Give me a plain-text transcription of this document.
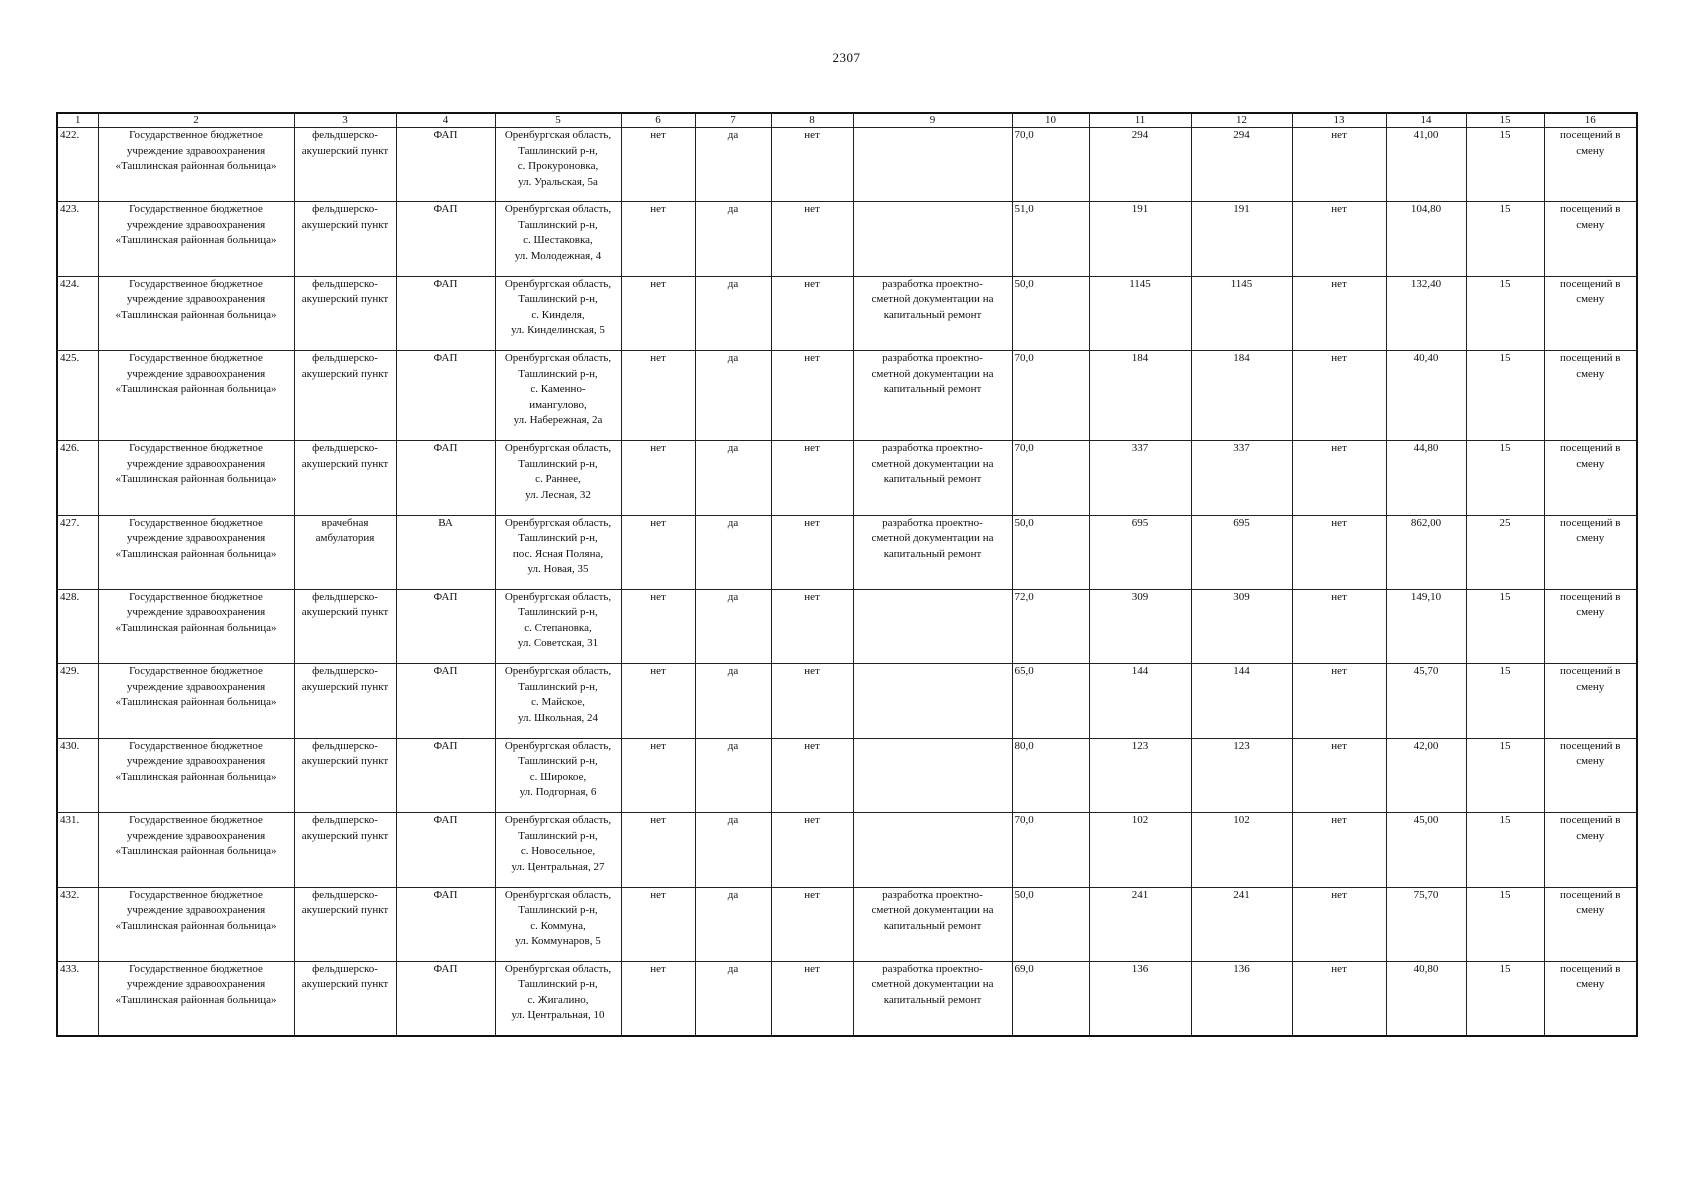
2307
1	2	3	4	5	6	7	8	9	10	11	12	13	14	15	16

422.	Государственное бюджетное
учреждение здравоохранения
«Ташлинская районная больница»	фельдшерско-
акушерский пункт	ФАП	Оренбургская область,
Ташлинский р-н,
с. Прокуроновка,
ул. Уральская, 5а	нет	да	нет		70,0	294	294	нет	41,00	15	посещений в
смену

423.	Государственное бюджетное
учреждение здравоохранения
«Ташлинская районная больница»	фельдшерско-
акушерский пункт	ФАП	Оренбургская область,
Ташлинский р-н,
с. Шестаковка,
ул. Молодежная, 4	нет	да	нет		51,0	191	191	нет	104,80	15	посещений в
смену

424.	Государственное бюджетное
учреждение здравоохранения
«Ташлинская районная больница»	фельдшерско-
акушерский пункт	ФАП	Оренбургская область,
Ташлинский р-н,
с. Кинделя,
ул. Кинделинская, 5	нет	да	нет	разработка проектно-
сметной документации на
капитальный ремонт	50,0	1145	1145	нет	132,40	15	посещений в
смену

425.	Государственное бюджетное
учреждение здравоохранения
«Ташлинская районная больница»	фельдшерско-
акушерский пункт	ФАП	Оренбургская область,
Ташлинский р-н,
с. Каменно-
имангулово,
ул. Набережная, 2а	нет	да	нет	разработка проектно-
сметной документации на
капитальный ремонт	70,0	184	184	нет	40,40	15	посещений в
смену

426.	Государственное бюджетное
учреждение здравоохранения
«Ташлинская районная больница»	фельдшерско-
акушерский пункт	ФАП	Оренбургская область,
Ташлинский р-н,
с. Раннее,
ул. Лесная, 32	нет	да	нет	разработка проектно-
сметной документации на
капитальный ремонт	70,0	337	337	нет	44,80	15	посещений в
смену

427.	Государственное бюджетное
учреждение здравоохранения
«Ташлинская районная больница»	врачебная
амбулатория	ВА	Оренбургская область,
Ташлинский р-н,
пос. Ясная Поляна,
ул. Новая, 35	нет	да	нет	разработка проектно-
сметной документации на
капитальный ремонт	50,0	695	695	нет	862,00	25	посещений в
смену

428.	Государственное бюджетное
учреждение здравоохранения
«Ташлинская районная больница»	фельдшерско-
акушерский пункт	ФАП	Оренбургская область,
Ташлинский р-н,
с. Степановка,
ул. Советская, 31	нет	да	нет		72,0	309	309	нет	149,10	15	посещений в
смену

429.	Государственное бюджетное
учреждение здравоохранения
«Ташлинская районная больница»	фельдшерско-
акушерский пункт	ФАП	Оренбургская область,
Ташлинский р-н,
с. Майское,
ул. Школьная, 24	нет	да	нет		65,0	144	144	нет	45,70	15	посещений в
смену

430.	Государственное бюджетное
учреждение здравоохранения
«Ташлинская районная больница»	фельдшерско-
акушерский пункт	ФАП	Оренбургская область,
Ташлинский р-н,
с. Широкое,
ул. Подгорная, 6	нет	да	нет		80,0	123	123	нет	42,00	15	посещений в
смену

431.	Государственное бюджетное
учреждение здравоохранения
«Ташлинская районная больница»	фельдшерско-
акушерский пункт	ФАП	Оренбургская область,
Ташлинский р-н,
с. Новосельное,
ул. Центральная, 27	нет	да	нет		70,0	102	102	нет	45,00	15	посещений в
смену

432.	Государственное бюджетное
учреждение здравоохранения
«Ташлинская районная больница»	фельдшерско-
акушерский пункт	ФАП	Оренбургская область,
Ташлинский р-н,
с. Коммуна,
ул. Коммунаров, 5	нет	да	нет	разработка проектно-
сметной документации на
капитальный ремонт	50,0	241	241	нет	75,70	15	посещений в
смену

433.	Государственное бюджетное
учреждение здравоохранения
«Ташлинская районная больница»	фельдшерско-
акушерский пункт	ФАП	Оренбургская область,
Ташлинский р-н,
с. Жигалино,
ул. Центральная, 10	нет	да	нет	разработка проектно-
сметной документации на
капитальный ремонт	69,0	136	136	нет	40,80	15	посещений в
смену
